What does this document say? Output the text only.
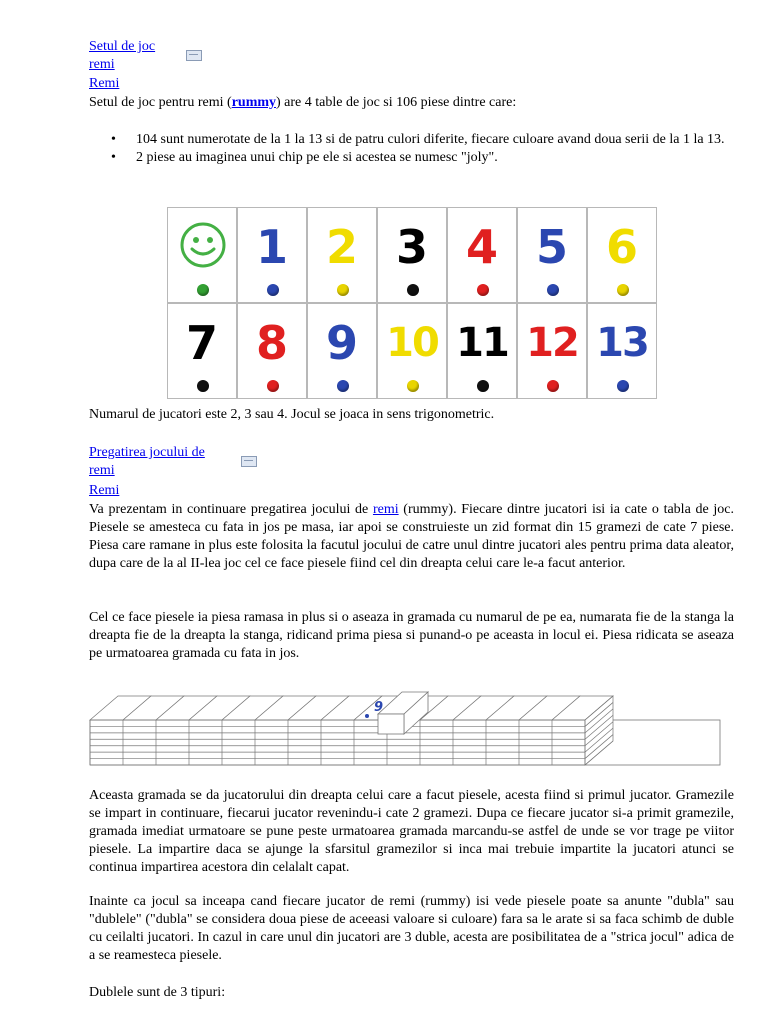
Setul de joc
remi
Remi
Setul de joc pentru remi (rummy) are 4 table de joc si 106 piese dintre care:
• 104 sunt numerotate de la 1 la 13 si de patru culori diferite, fiecare culoare avand doua serii de la 1 la 13.
• 2 piese au imaginea unui chip pe ele si acestea se numesc "joly".
1 2 3 4 5 6
7 8 9 10 11 12 13
Numarul de jucatori este 2, 3 sau 4. Jocul se joaca in sens trigonometric.
Pregatirea jocului de
remi
Remi
Va prezentam in continuare pregatirea jocului de remi (rummy). Fiecare dintre jucatori isi ia cate o tabla de joc. Piesele se amesteca cu fata in jos pe masa, iar apoi se construieste un zid format din 15 gramezi de cate 7 piese. Piesa care ramane in plus este folosita la facutul jocului de catre unul dintre jucatori ales pentru prima data aleator, dupa care de la al II-lea joc cel ce face piesele fiind cel din dreapta celui care le-a facut anterior.
Cel ce face piesele ia piesa ramasa in plus si o aseaza in gramada cu numarul de pe ea, numarata fie de la stanga la dreapta fie de la dreapta la stanga, ridicand prima piesa si punand-o pe aceasta in locul ei. Piesa ridicata se aseaza pe urmatoarea gramada cu fata in jos.
9
Aceasta gramada se da jucatorului din dreapta celui care a facut piesele, acesta fiind si primul jucator. Gramezile se impart in continuare, fiecarui jucator revenindu-i cate 2 gramezi. Dupa ce fiecare jucator si-a primit gramezile, gramada imediat urmatoare se pune peste urmatoarea gramada marcandu-se astfel de unde se vor trage pe viitor piesele. La impartire daca se ajunge la sfarsitul gramezilor si inca mai trebuie impartite la jucatori atunci se continua impartirea acestora din celalalt capat.
Inainte ca jocul sa inceapa cand fiecare jucator de remi (rummy) isi vede piesele poate sa anunte "dubla" sau "dublele" ("dubla" se considera doua piese de aceeasi valoare si culoare) fara sa le arate si sa faca schimb de duble cu ceilalti jucatori. In cazul in care unul din jucatori are 3 duble, acesta are posibilitatea de a "strica jocul" adica de a se reamesteca piesele.
Dublele sunt de 3 tipuri:
